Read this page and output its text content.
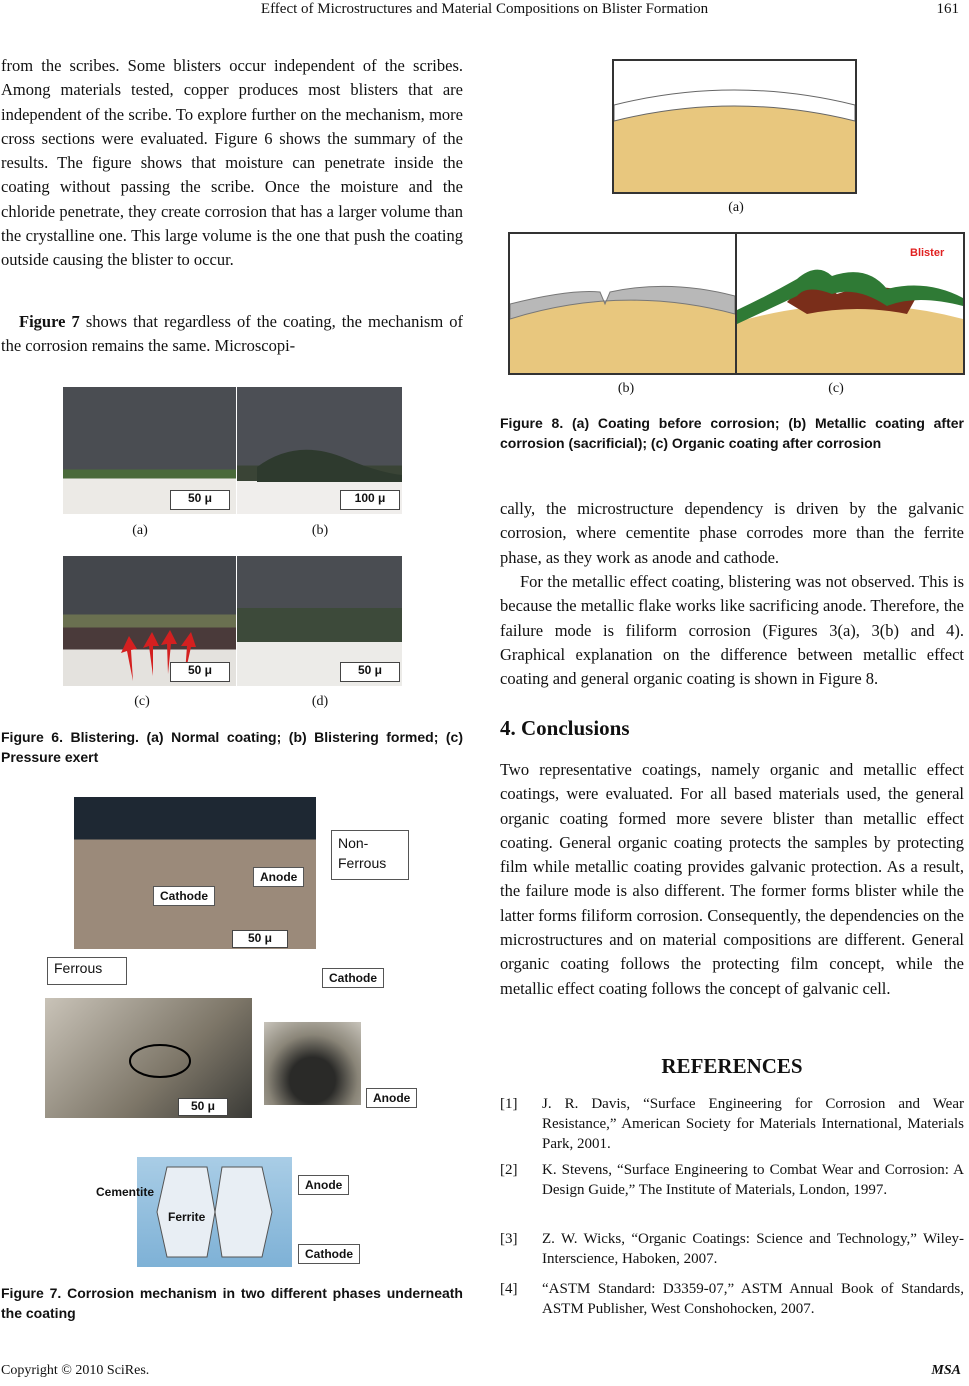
Effect of Microstructures and Material Compositions on Blister Formation	161
from the scribes. Some blisters occur independent of the scribes. Among materials tested, copper produces most blisters that are independent of the scribe. To explore further on the mechanism, more cross sections were evaluated. Figure 6 shows the summary of the results. The figure shows that moisture can penetrate inside the coating without passing the scribe. Once the moisture and the chloride penetrate, they create corrosion that has a larger volume than the crystalline one. This large volume is the one that push the coating outside causing the blister to occur.
Figure 7 shows that regardless of the coating, the mechanism of the corrosion remains the same. Microscopi-
50 μ	100 μ
(a)	(b)
50 μ	50 μ
(c)	(d)
Figure 6. Blistering. (a) Normal coating; (b) Blistering formed; (c) Pressure exert
Non-
Ferrous
Anode
Cathode
50 μ
Ferrous
Cathode
50 μ
Anode
Cementite
Ferrite
Anode
Cathode
Figure 7. Corrosion mechanism in two different phases underneath the coating
(a)
Blister
(b)	(c)
Figure 8. (a) Coating before corrosion; (b) Metallic coating after corrosion (sacrificial); (c) Organic coating after corrosion
cally, the microstructure dependency is driven by the galvanic corrosion, where cementite phase corrodes more than the ferrite phase, as they work as anode and cathode.
For the metallic effect coating, blistering was not observed. This is because the metallic flake works like sacrificing anode. Therefore, the failure mode is filiform corrosion (Figures 3(a), 3(b) and 4). Graphical explanation on the difference between metallic effect coating and general organic coating is shown in Figure 8.
4. Conclusions
Two representative coatings, namely organic and metallic effect coatings, were evaluated. For all based materials used, the general organic coating formed more severe blister than metallic effect coating. General organic coating protects the samples by protecting film while metallic coating provides galvanic protection. As a result, the failure mode is also different. The former forms blister while the latter forms filiform corrosion. Consequently, the dependencies on the microstructures and on material compositions are different. General organic coating follows the protecting film concept, while the metallic effect coating follows the concept of galvanic cell.
REFERENCES
[1] J. R. Davis, “Surface Engineering for Corrosion and Wear Resistance,” American Society for Materials International, Materials Park, 2001.
[2] K. Stevens, “Surface Engineering to Combat Wear and Corrosion: A Design Guide,” The Institute of Materials, London, 1997.
[3] Z. W. Wicks, “Organic Coatings: Science and Technology,” Wiley-Interscience, Haboken, 2007.
[4] “ASTM Standard: D3359-07,” ASTM Annual Book of Standards, ASTM Publisher, West Conshohocken, 2007.
Copyright © 2010 SciRes.	MSA
